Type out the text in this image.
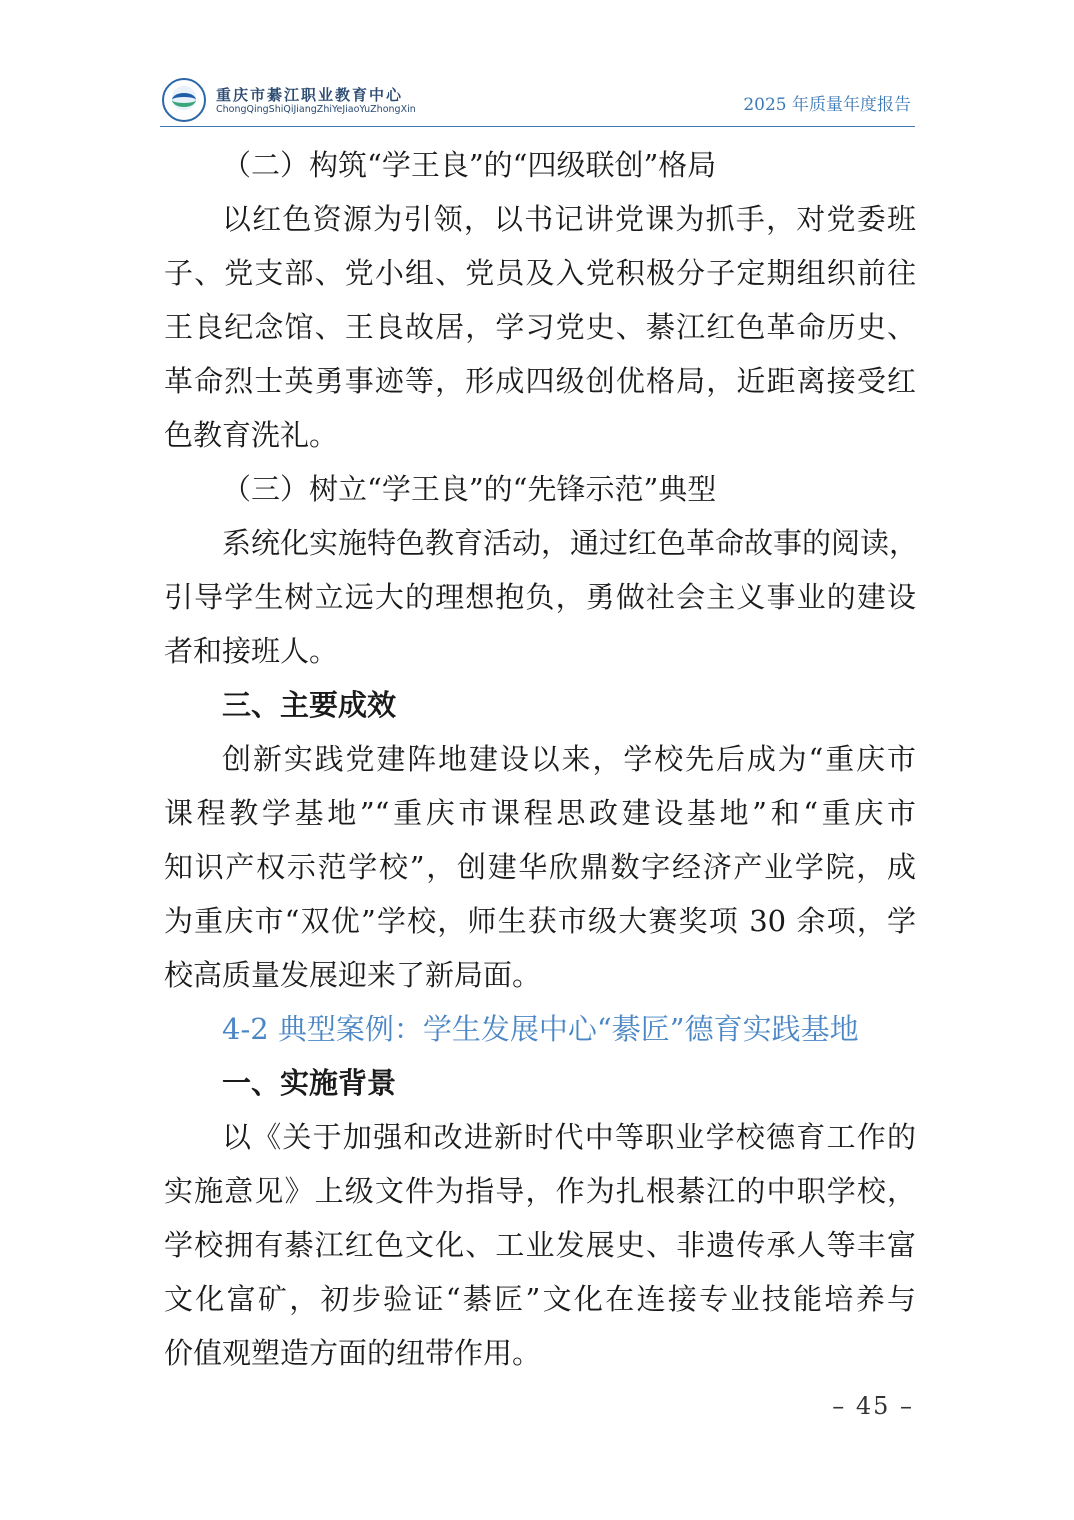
重庆市綦江职业教育中心
ChongQingShiQiJiangZhiYeJiaoYuZhongXin	2025 年质量年度报告
（二）构筑“学王良”的“四级联创”格局
以红色资源为引领，以书记讲党课为抓手，对党委班
子、党支部、党小组、党员及入党积极分子定期组织前往
王良纪念馆、王良故居，学习党史、綦江红色革命历史、
革命烈士英勇事迹等，形成四级创优格局，近距离接受红
色教育洗礼。
（三）树立“学王良”的“先锋示范”典型
系统化实施特色教育活动，通过红色革命故事的阅读，
引导学生树立远大的理想抱负，勇做社会主义事业的建设
者和接班人。
三、主要成效
创新实践党建阵地建设以来，学校先后成为“重庆市
课程教学基地”“重庆市课程思政建设基地”和“重庆市
知识产权示范学校”，创建华欣鼎数字经济产业学院，成
为重庆市“双优”学校，师生获市级大赛奖项 30 余项，学
校高质量发展迎来了新局面。
4-2 典型案例：学生发展中心“綦匠”德育实践基地
一、实施背景
以《关于加强和改进新时代中等职业学校德育工作的
实施意见》上级文件为指导，作为扎根綦江的中职学校，
学校拥有綦江红色文化、工业发展史、非遗传承人等丰富
文化富矿，初步验证“綦匠”文化在连接专业技能培养与
价值观塑造方面的纽带作用。
– 45 –
